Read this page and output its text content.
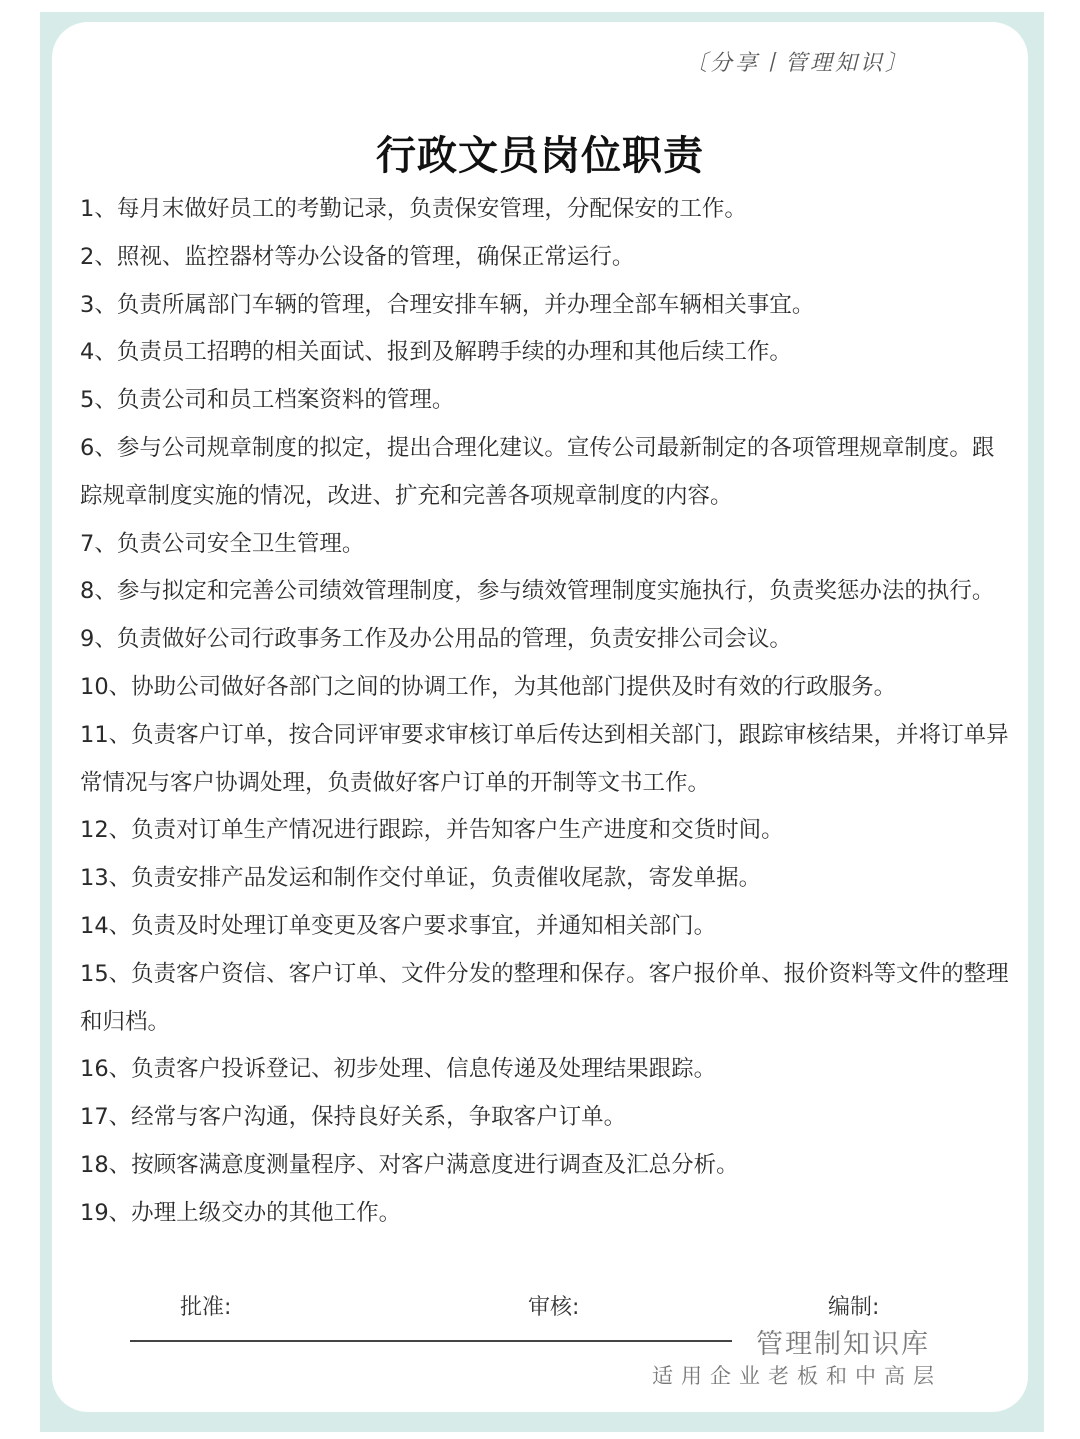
〔分享丨管理知识〕
行政文员岗位职责
1、每月末做好员工的考勤记录，负责保安管理，分配保安的工作。
2、照视、监控器材等办公设备的管理，确保正常运行。
3、负责所属部门车辆的管理，合理安排车辆，并办理全部车辆相关事宜。
4、负责员工招聘的相关面试、报到及解聘手续的办理和其他后续工作。
5、负责公司和员工档案资料的管理。
6、参与公司规章制度的拟定，提出合理化建议。宣传公司最新制定的各项管理规章制度。跟踪规章制度实施的情况，改进、扩充和完善各项规章制度的内容。
7、负责公司安全卫生管理。
8、参与拟定和完善公司绩效管理制度，参与绩效管理制度实施执行，负责奖惩办法的执行。
9、负责做好公司行政事务工作及办公用品的管理，负责安排公司会议。
10、协助公司做好各部门之间的协调工作，为其他部门提供及时有效的行政服务。
11、负责客户订单，按合同评审要求审核订单后传达到相关部门，跟踪审核结果，并将订单异常情况与客户协调处理，负责做好客户订单的开制等文书工作。
12、负责对订单生产情况进行跟踪，并告知客户生产进度和交货时间。
13、负责安排产品发运和制作交付单证，负责催收尾款，寄发单据。
14、负责及时处理订单变更及客户要求事宜，并通知相关部门。
15、负责客户资信、客户订单、文件分发的整理和保存。客户报价单、报价资料等文件的整理和归档。
16、负责客户投诉登记、初步处理、信息传递及处理结果跟踪。
17、经常与客户沟通，保持良好关系，争取客户订单。
18、按顾客满意度测量程序、对客户满意度进行调查及汇总分析。
19、办理上级交办的其他工作。
批准:	审核:	编制:
管理制知识库
适用企业老板和中高层
